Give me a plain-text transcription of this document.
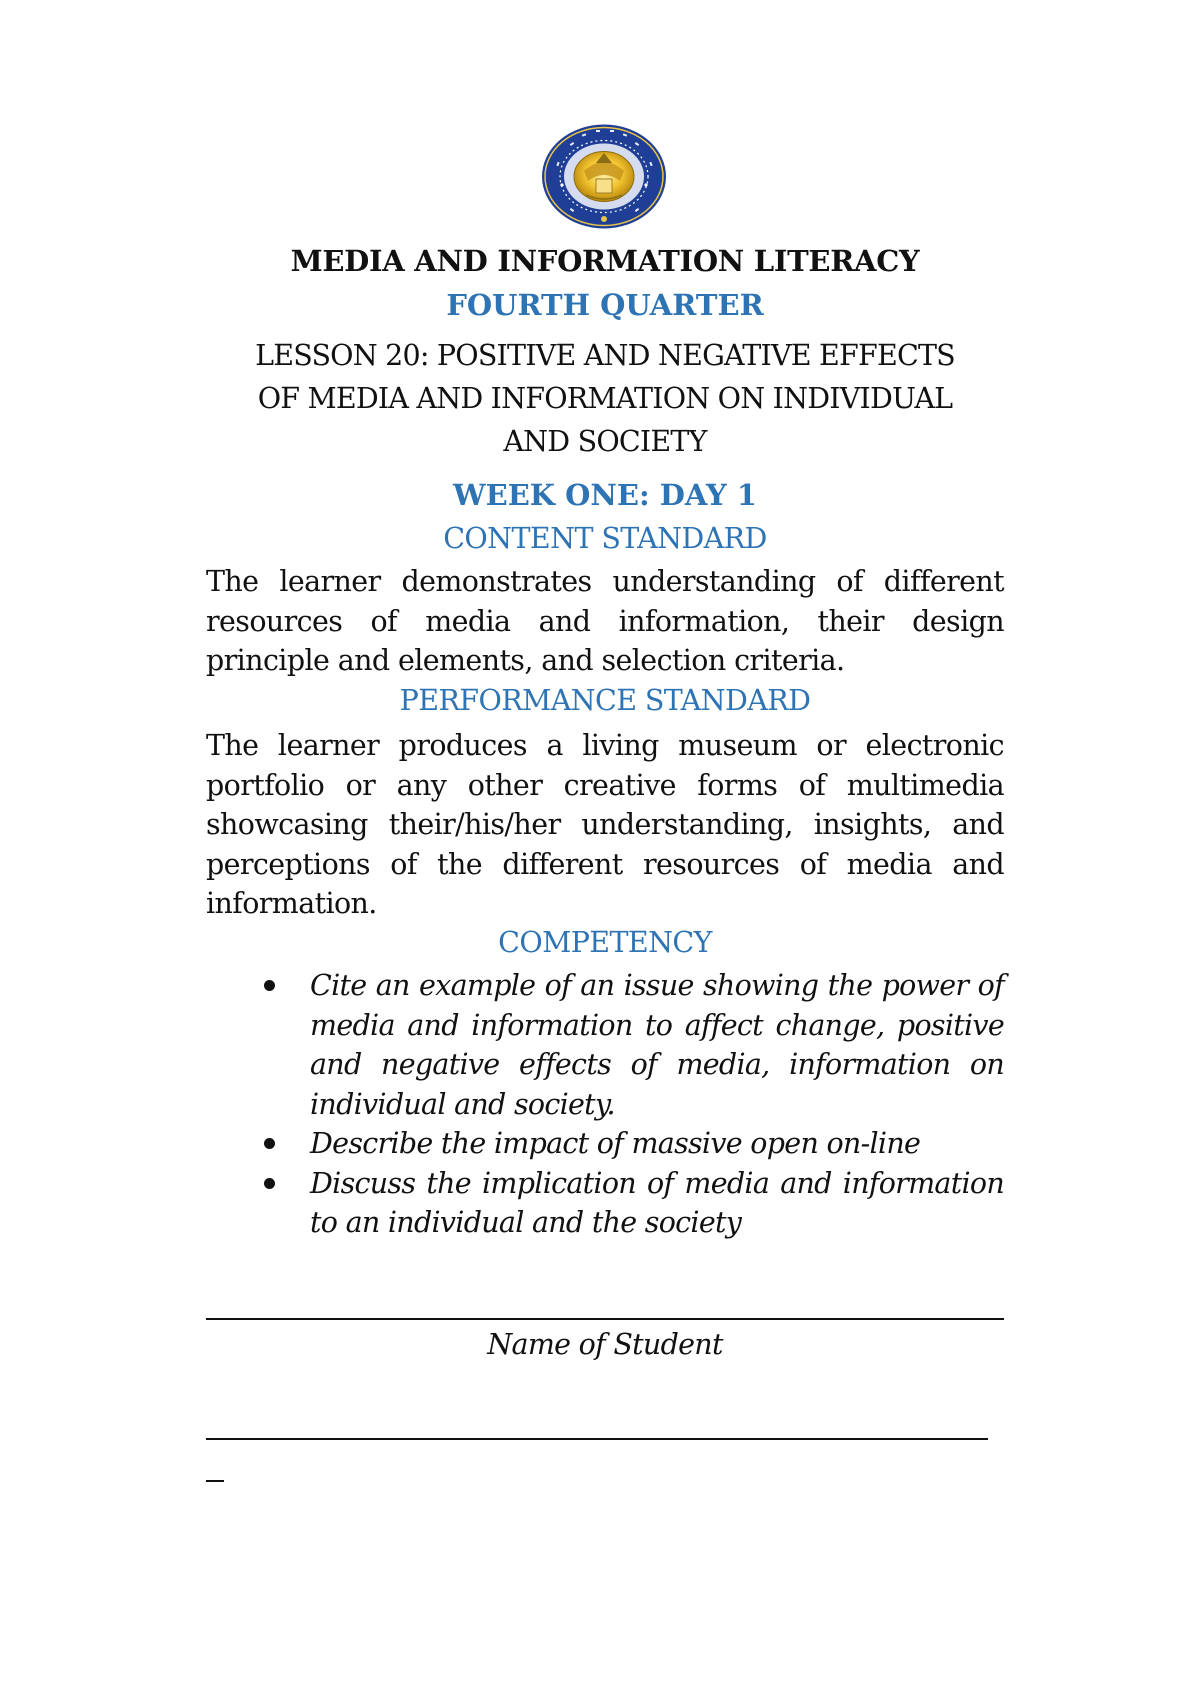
MEDIA AND INFORMATION LITERACY
FOURTH QUARTER
LESSON 20: POSITIVE AND NEGATIVE EFFECTS
OF MEDIA AND INFORMATION ON INDIVIDUAL
AND SOCIETY
WEEK ONE: DAY 1
CONTENT STANDARD
The learner demonstrates understanding of different resources of media and information, their design principle and elements, and selection criteria.
PERFORMANCE STANDARD
The learner produces a living museum or electronic portfolio or any other creative forms of multimedia showcasing their/his/her understanding, insights, and perceptions of the different resources of media and information.
COMPETENCY
Cite an example of an issue showing the power of media and information to affect change, positive and negative effects of media, information on individual and society.
Describe the impact of massive open on-line
Discuss the implication of media and information to an individual and the society
Name of Student
